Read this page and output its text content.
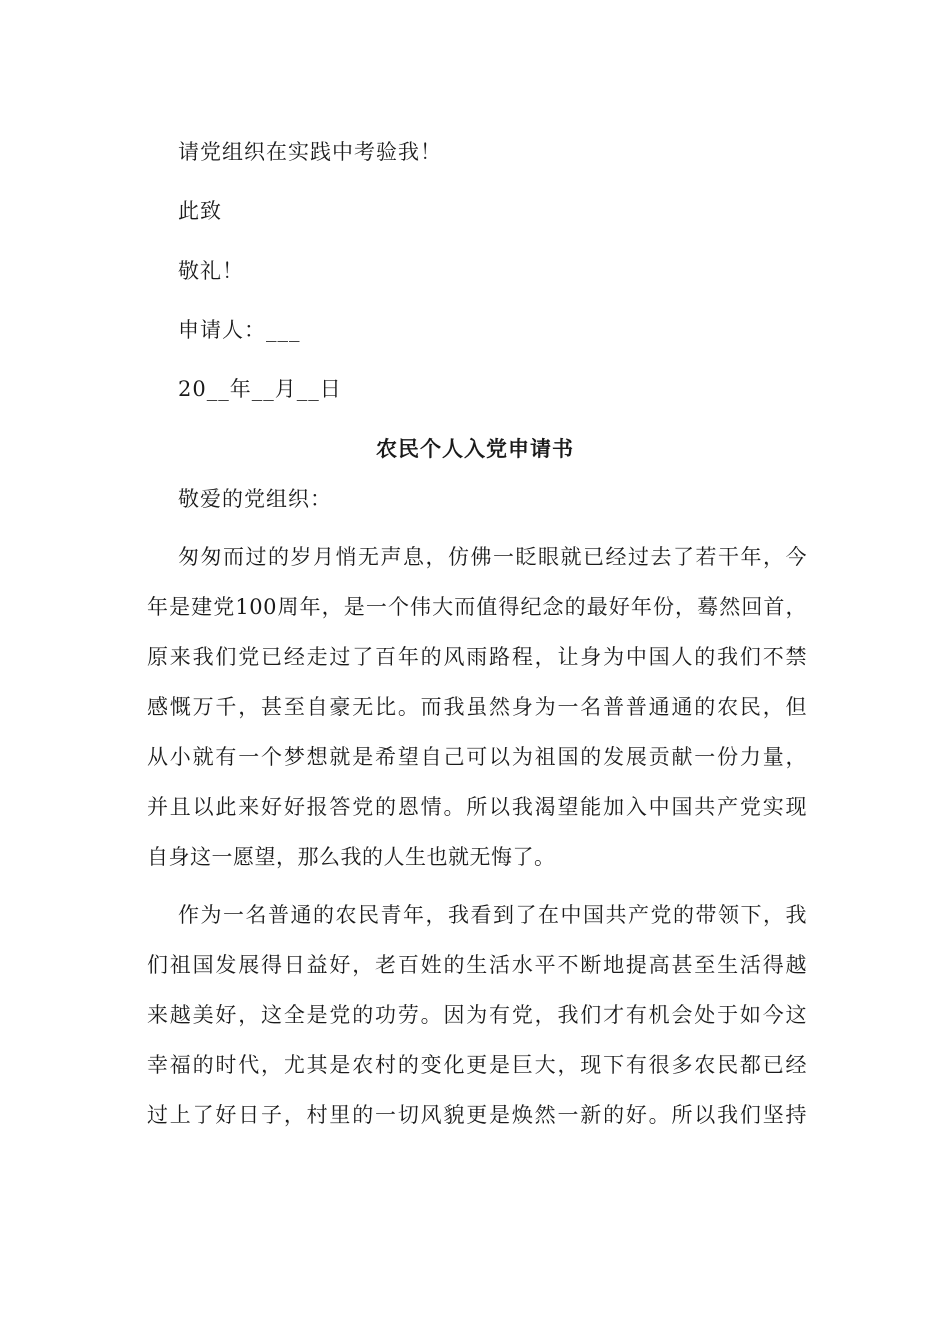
请党组织在实践中考验我！
此致
敬礼！
申请人：___
20__年__月__日
农民个人入党申请书
敬爱的党组织：
匆匆而过的岁月悄无声息，仿佛一眨眼就已经过去了若干年，今
年是建党100周年，是一个伟大而值得纪念的最好年份，蓦然回首，
原来我们党已经走过了百年的风雨路程，让身为中国人的我们不禁
感慨万千，甚至自豪无比。而我虽然身为一名普普通通的农民，但
从小就有一个梦想就是希望自己可以为祖国的发展贡献一份力量，
并且以此来好好报答党的恩情。所以我渴望能加入中国共产党实现
自身这一愿望，那么我的人生也就无悔了。
作为一名普通的农民青年，我看到了在中国共产党的带领下，我
们祖国发展得日益好，老百姓的生活水平不断地提高甚至生活得越
来越美好，这全是党的功劳。因为有党，我们才有机会处于如今这
幸福的时代，尤其是农村的变化更是巨大，现下有很多农民都已经
过上了好日子，村里的一切风貌更是焕然一新的好。所以我们坚持
